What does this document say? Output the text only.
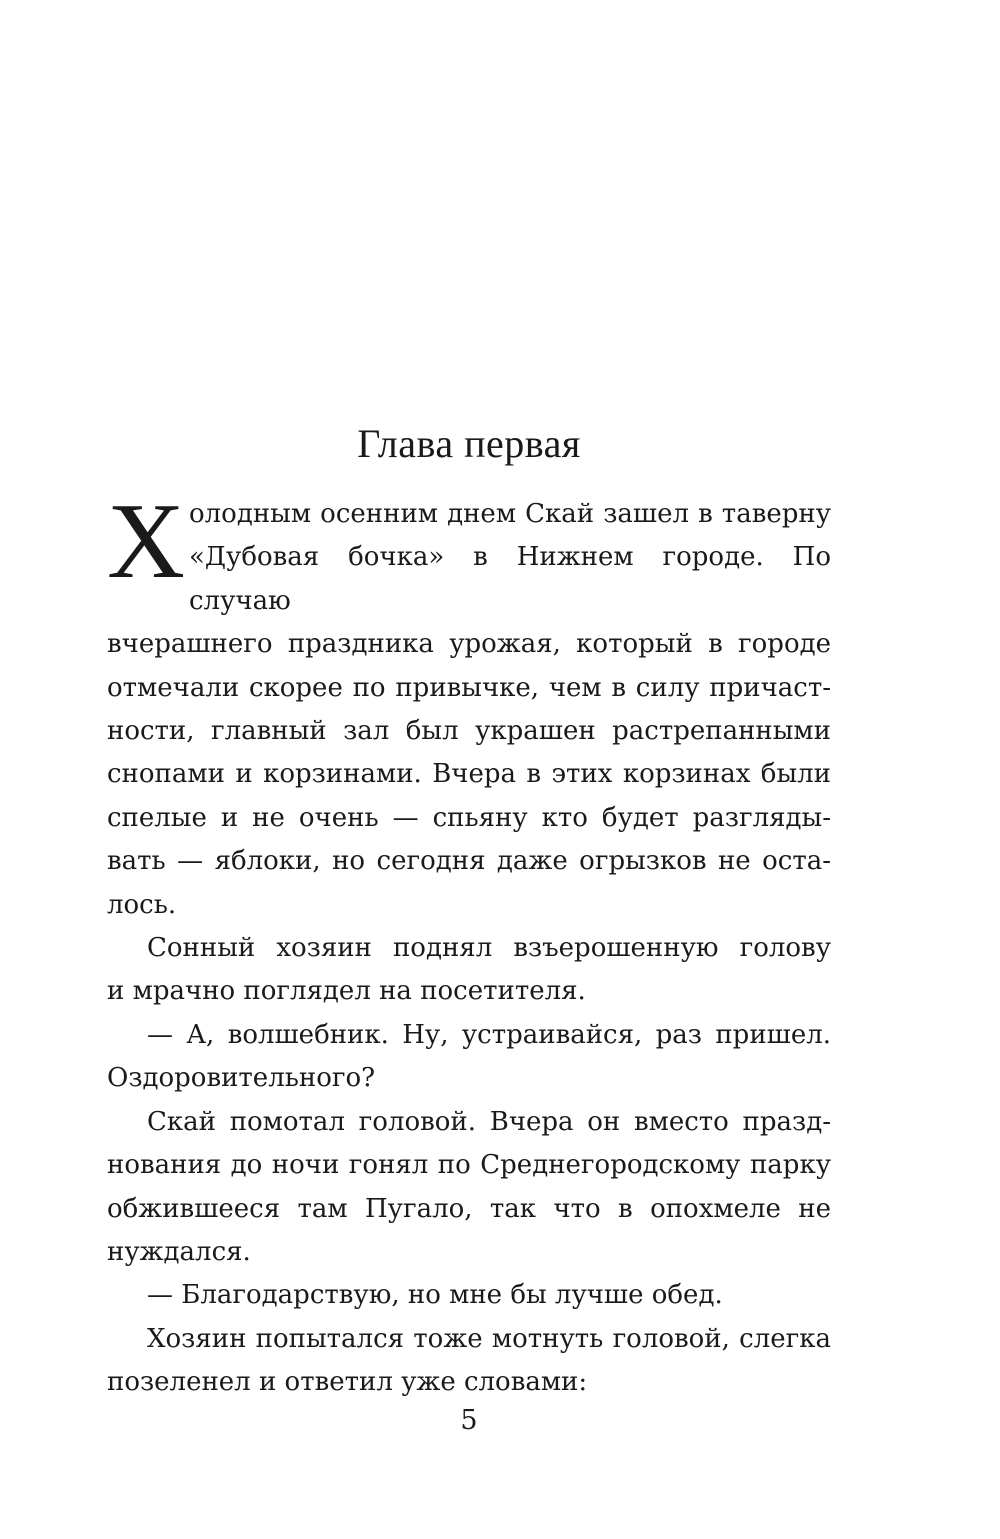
Глава первая
Х олодным осенним днем Скай зашел в таверну
«Дубовая бочка» в Нижнем городе. По случаю
вчерашнего праздника урожая, который в городе
отмечали скорее по привычке, чем в силу причаст-
ности, главный зал был украшен растрепанными
снопами и корзинами. Вчера в этих корзинах были
спелые и не очень — спьяну кто будет разгляды-
вать — яблоки, но сегодня даже огрызков не оста-
лось.
Сонный хозяин поднял взъерошенную голову
и мрачно поглядел на посетителя.
— А, волшебник. Ну, устраивайся, раз пришел.
Оздоровительного?
Скай помотал головой. Вчера он вместо празд-
нования до ночи гонял по Среднегородскому парку
обжившееся там Пугало, так что в опохмеле не
нуждался.
— Благодарствую, но мне бы лучше обед.
Хозяин попытался тоже мотнуть головой, слегка
позеленел и ответил уже словами:
5
